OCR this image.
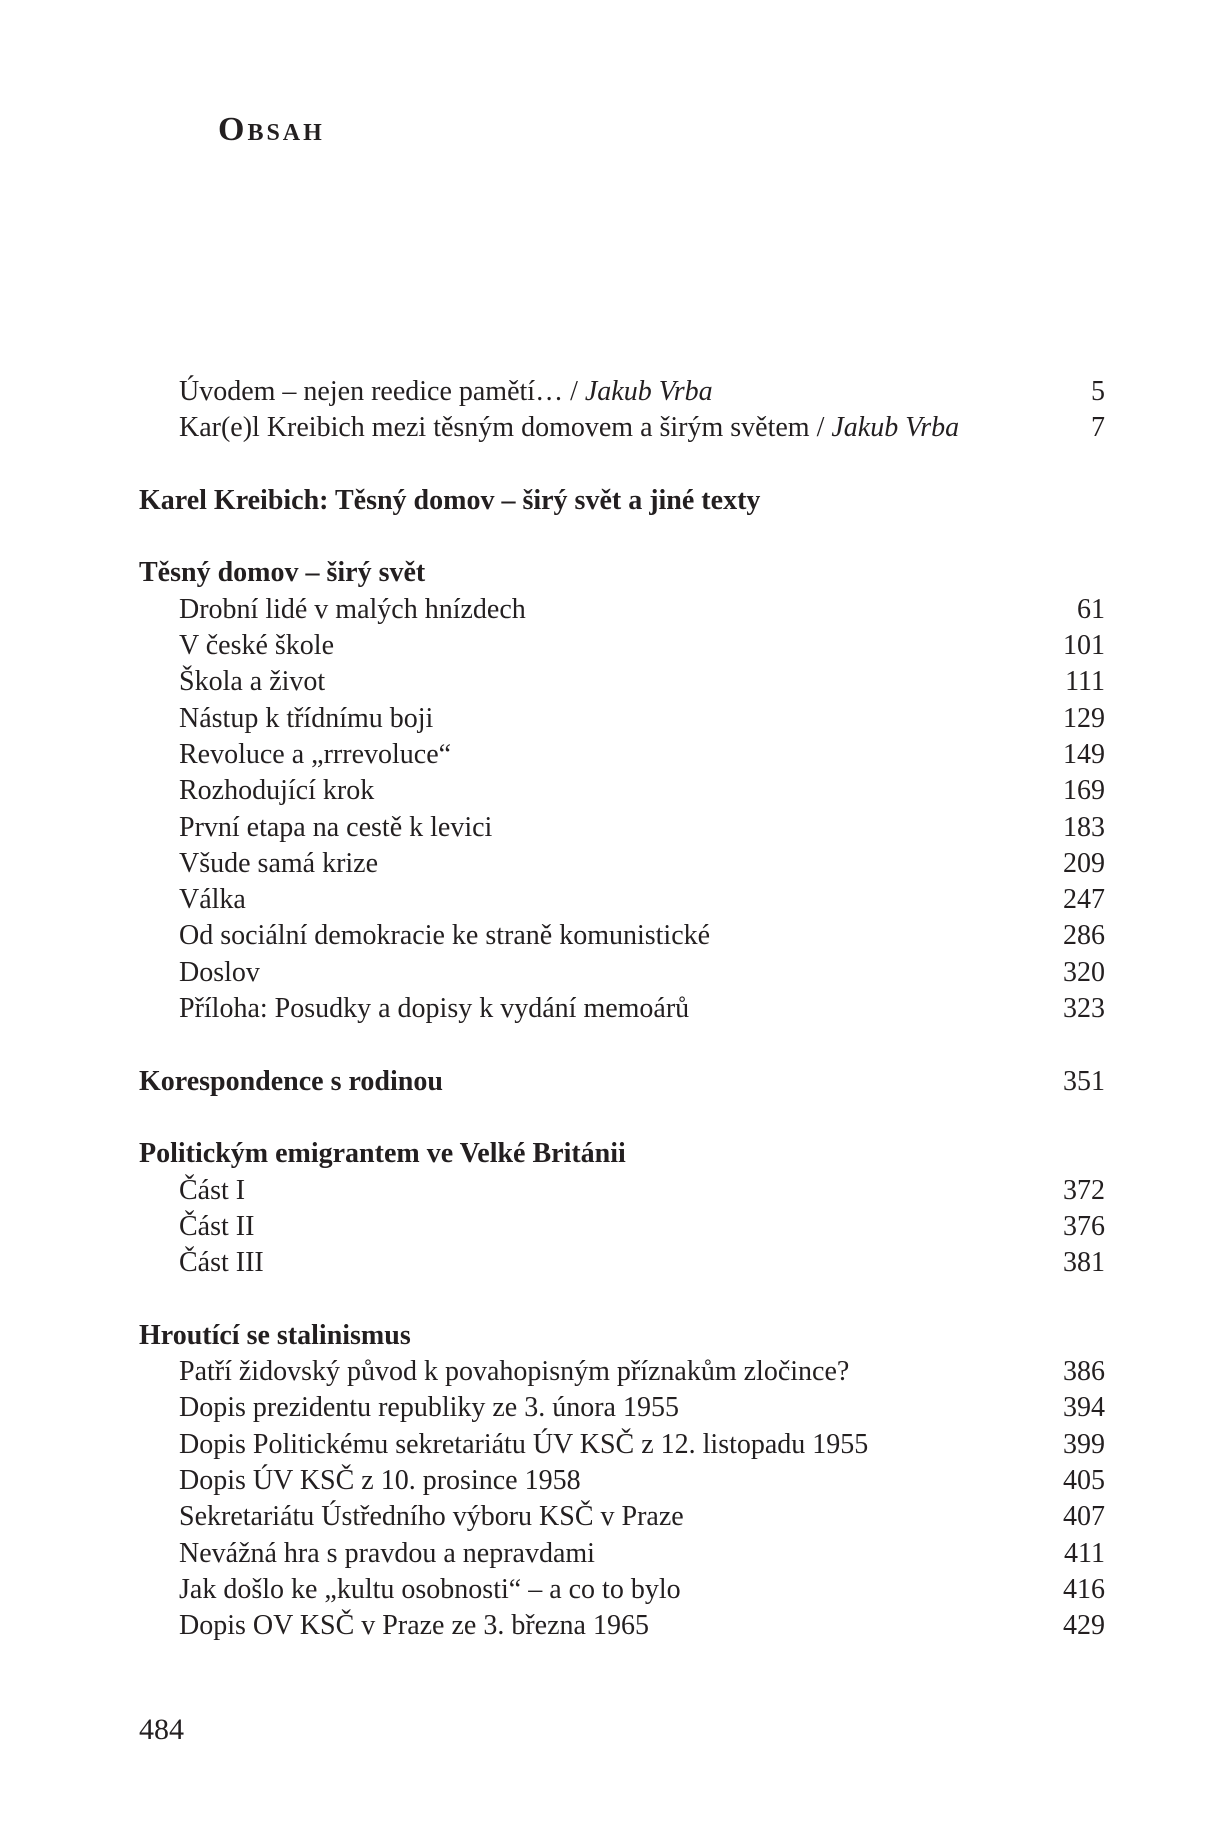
Obsah
Úvodem – nejen reedice pamětí… / Jakub Vrba	5
Kar(e)l Kreibich mezi těsným domovem a širým světem / Jakub Vrba	7
Karel Kreibich: Těsný domov – širý svět a jiné texty
Těsný domov – širý svět
Drobní lidé v malých hnízdech	61
V české škole	101
Škola a život	111
Nástup k třídnímu boji	129
Revoluce a „rrrevoluce“	149
Rozhodující krok	169
První etapa na cestě k levici	183
Všude samá krize	209
Válka	247
Od sociální demokracie ke straně komunistické	286
Doslov	320
Příloha: Posudky a dopisy k vydání memoárů	323
Korespondence s rodinou	351
Politickým emigrantem ve Velké Británii
Část I	372
Část II	376
Část III	381
Hroutící se stalinismus
Patří židovský původ k povahopisným příznakům zločince?	386
Dopis prezidentu republiky ze 3. února 1955	394
Dopis Politickému sekretariátu ÚV KSČ z 12. listopadu 1955	399
Dopis ÚV KSČ z 10. prosince 1958	405
Sekretariátu Ústředního výboru KSČ v Praze	407
Nevážná hra s pravdou a nepravdami	411
Jak došlo ke „kultu osobnosti“ – a co to bylo	416
Dopis OV KSČ v Praze ze 3. března 1965	429
484
